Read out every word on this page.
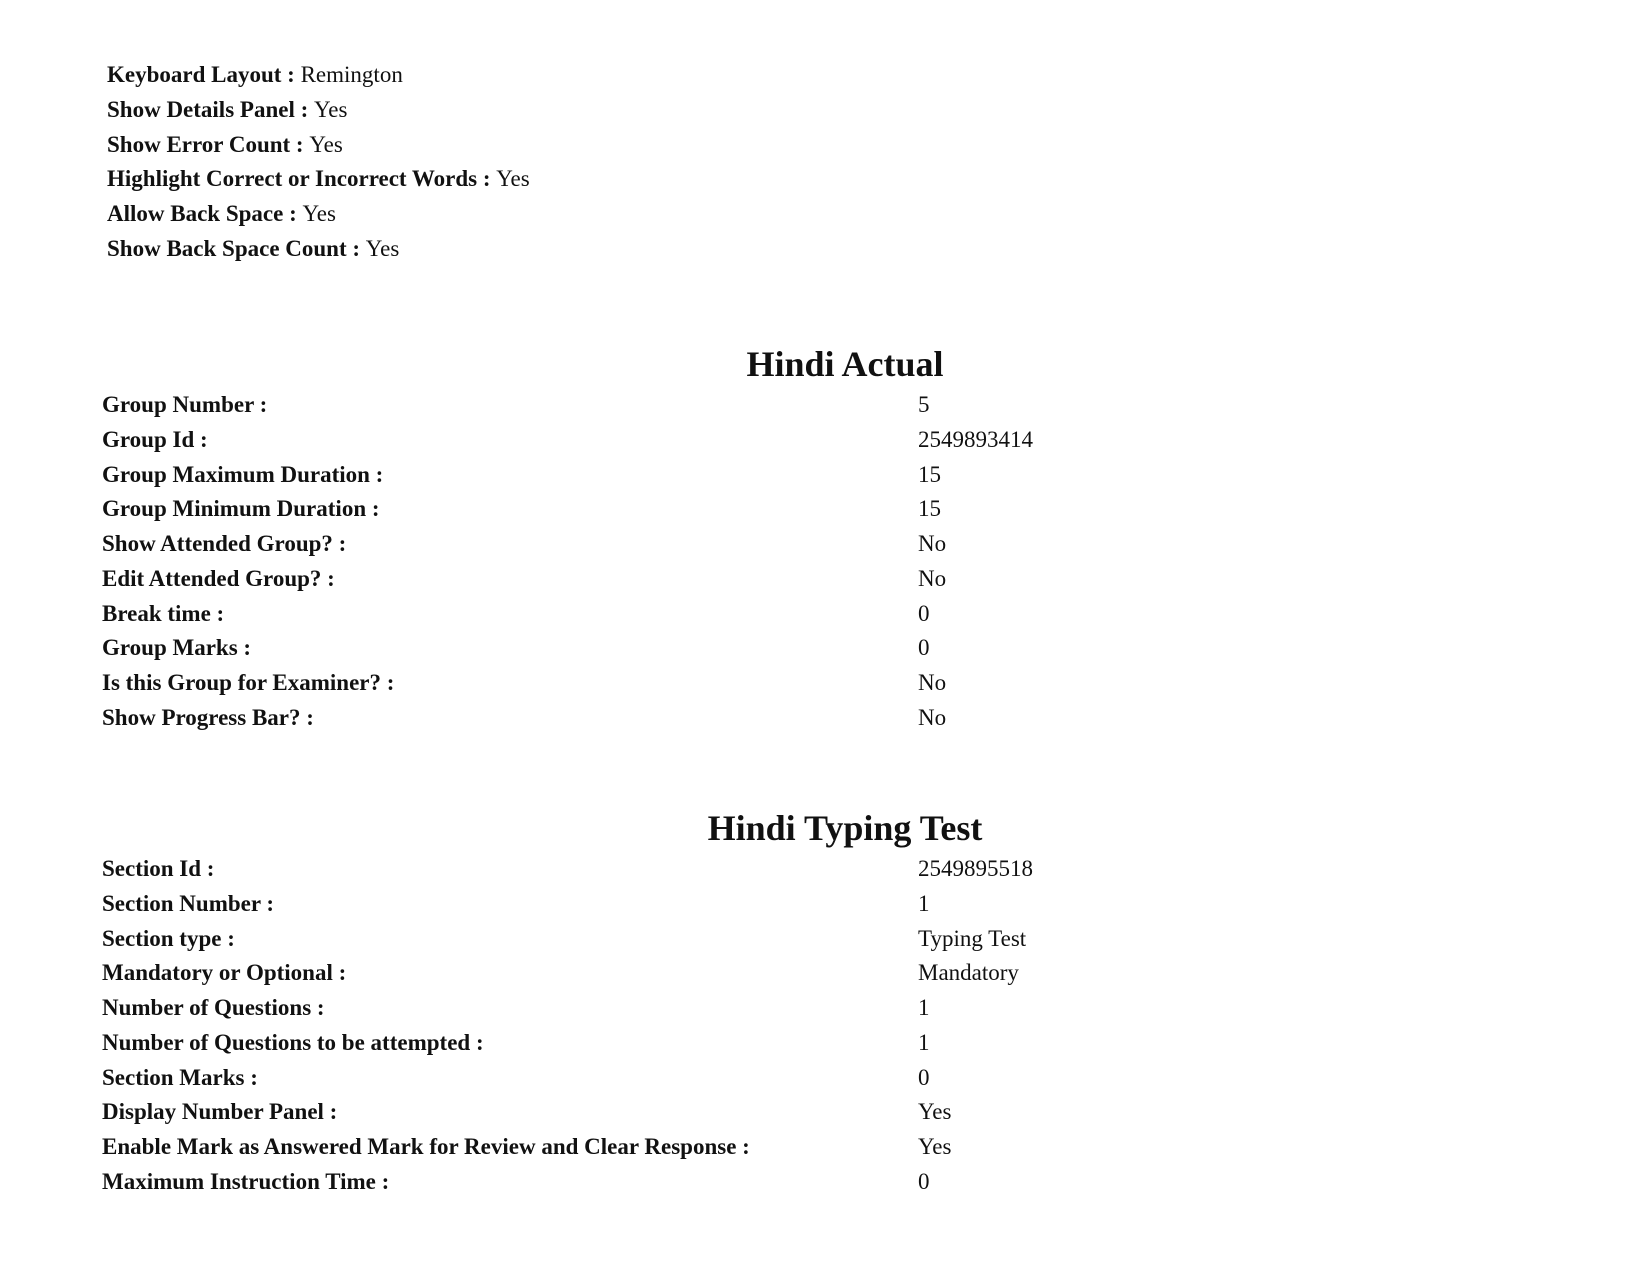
Keyboard Layout : Remington
Show Details Panel : Yes
Show Error Count : Yes
Highlight Correct or Incorrect Words : Yes
Allow Back Space : Yes
Show Back Space Count : Yes
Hindi Actual
Group Number :	5
Group Id :	2549893414
Group Maximum Duration :	15
Group Minimum Duration :	15
Show Attended Group? :	No
Edit Attended Group? :	No
Break time :	0
Group Marks :	0
Is this Group for Examiner? :	No
Show Progress Bar? :	No
Hindi Typing Test
Section Id :	2549895518
Section Number :	1
Section type :	Typing Test
Mandatory or Optional :	Mandatory
Number of Questions :	1
Number of Questions to be attempted :	1
Section Marks :	0
Display Number Panel :	Yes
Enable Mark as Answered Mark for Review and Clear Response :	Yes
Maximum Instruction Time :	0
